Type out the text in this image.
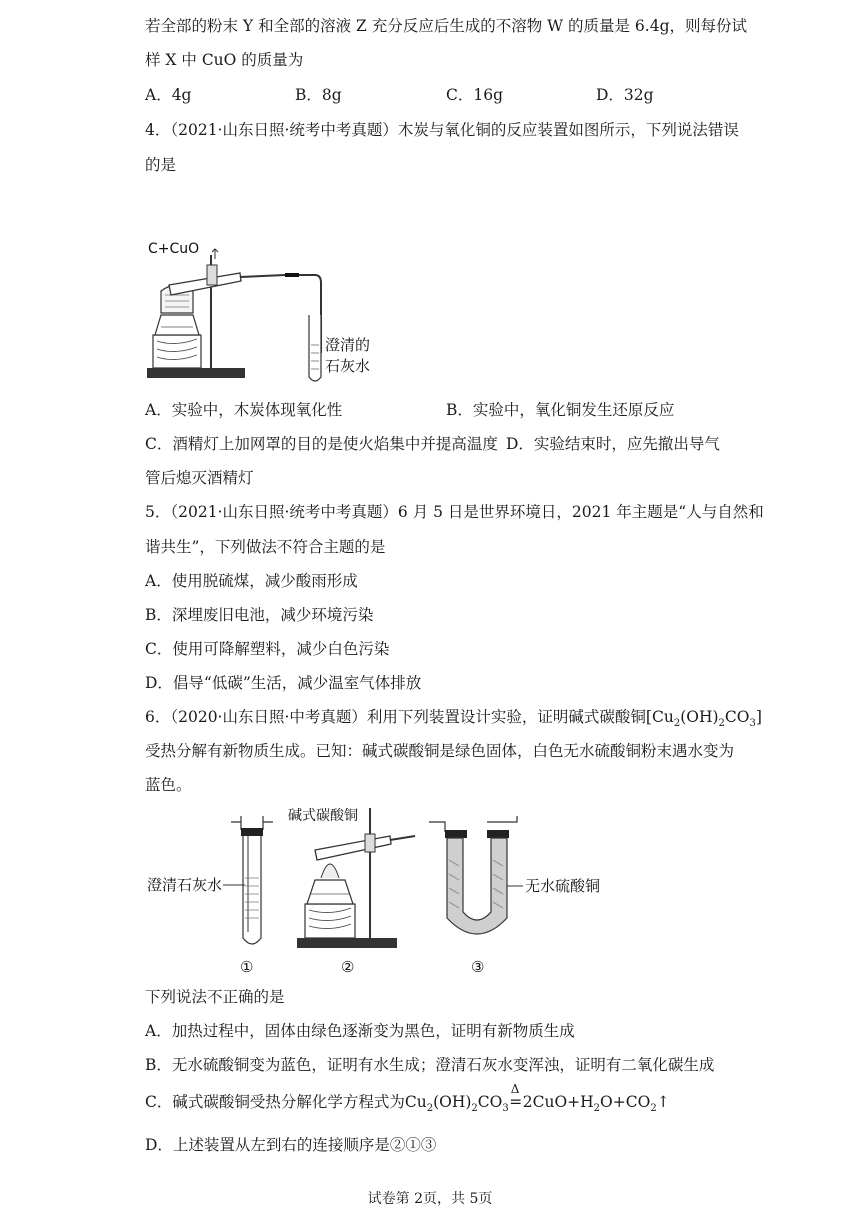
若全部的粉末 Y 和全部的溶液 Z 充分反应后生成的不溶物 W 的质量是 6.4g，则每份试
样 X 中 CuO 的质量为
A．4g	B．8g	C．16g	D．32g
4．（2021·山东日照·统考中考真题）木炭与氧化铜的反应装置如图所示，下列说法错误
的是
C+CuO
澄清的
石灰水
A．实验中，木炭体现氧化性	B．实验中，氧化铜发生还原反应
C．酒精灯上加网罩的目的是使火焰集中并提高温度 D．实验结束时，应先撤出导气
管后熄灭酒精灯
5．（2021·山东日照·统考中考真题）6 月 5 日是世界环境日，2021 年主题是“人与自然和
谐共生”，下列做法不符合主题的是
A．使用脱硫煤，减少酸雨形成
B．深埋废旧电池，减少环境污染
C．使用可降解塑料，减少白色污染
D．倡导“低碳”生活，减少温室气体排放
6．（2020·山东日照·中考真题）利用下列装置设计实验，证明碱式碳酸铜$[Cu_2(OH)_2CO_3]$
受热分解有新物质生成。已知：碱式碳酸铜是绿色固体，白色无水硫酸铜粉末遇水变为
蓝色。
澄清石灰水
①
碱式碳酸铜
②
无水硫酸铜
③
下列说法不正确的是
A．加热过程中，固体由绿色逐渐变为黑色，证明有新物质生成
B．无水硫酸铜变为蓝色，证明有水生成；澄清石灰水变浑浊，证明有二氧化碳生成
C．碱式碳酸铜受热分解化学方程式为$Cu_2(OH)_2CO_3$
Δ
$=2CuO+H_2O+CO_2↑$
D．上述装置从左到右的连接顺序是②①③
试卷第 2页，共 5页
